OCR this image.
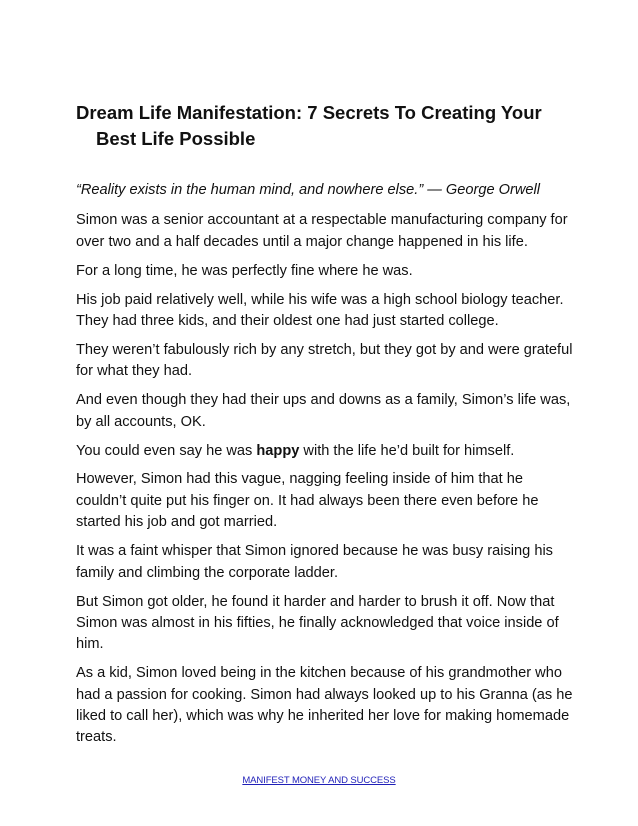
Dream Life Manifestation: 7 Secrets To Creating Your
Best Life Possible

“Reality exists in the human mind, and nowhere else.” — George Orwell

Simon was a senior accountant at a respectable manufacturing company for over two and a half decades until a major change happened in his life.

For a long time, he was perfectly fine where he was.

His job paid relatively well, while his wife was a high school biology teacher. They had three kids, and their oldest one had just started college.

They weren’t fabulously rich by any stretch, but they got by and were grateful for what they had.

And even though they had their ups and downs as a family, Simon’s life was, by all accounts, OK.

You could even say he was happy with the life he’d built for himself.

However, Simon had this vague, nagging feeling inside of him that he couldn’t quite put his finger on. It had always been there even before he started his job and got married.

It was a faint whisper that Simon ignored because he was busy raising his family and climbing the corporate ladder.

But Simon got older, he found it harder and harder to brush it off. Now that Simon was almost in his fifties, he finally acknowledged that voice inside of him.

As a kid, Simon loved being in the kitchen because of his grandmother who had a passion for cooking. Simon had always looked up to his Granna (as he liked to call her), which was why he inherited her love for making homemade treats.

MANIFEST MONEY AND SUCCESS
